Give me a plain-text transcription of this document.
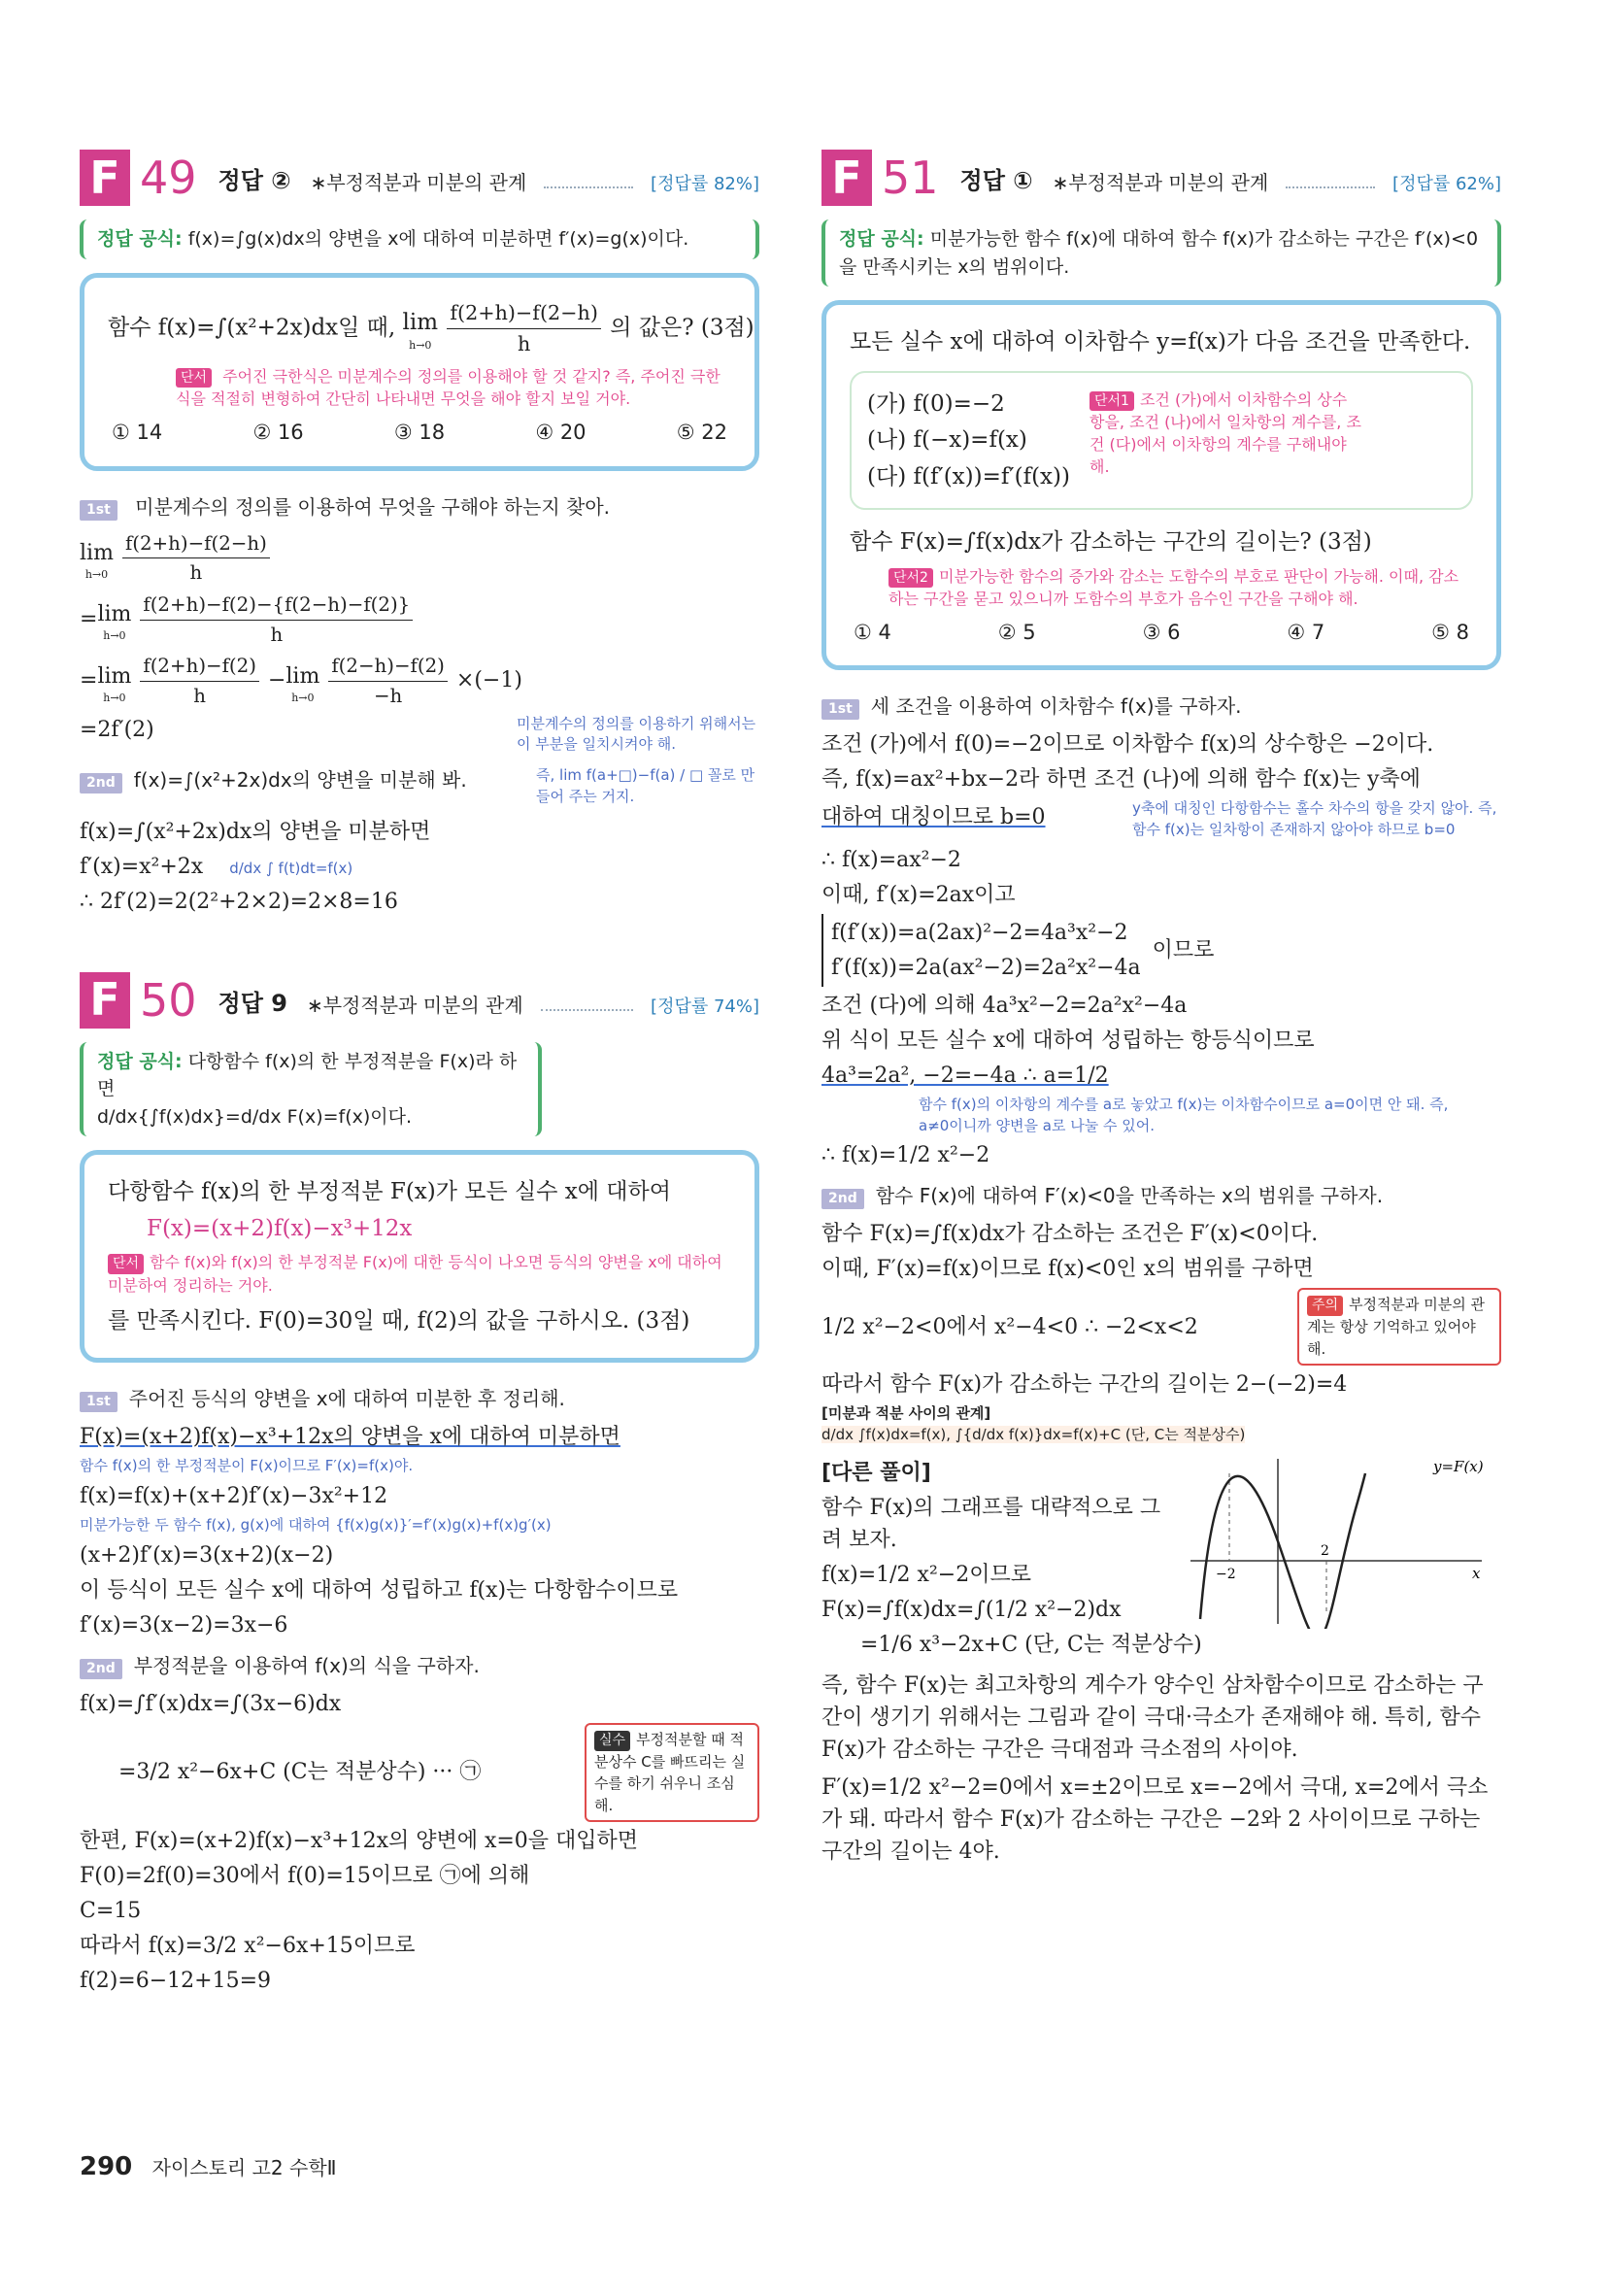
F 49 정답 ② ∗부정적분과 미분의 관계	[정답률 82%]
정답 공식: f(x)=∫g(x)dx의 양변을 x에 대하여 미분하면 f′(x)=g(x)이다.
함수 f(x)=∫(x²+2x)dx일 때, lim
h→0
$\frac{f(2+h)-f(2-h)}{h}$ 의 값은? (3점)
단서 주어진 극한식은 미분계수의 정의를 이용해야 할 것 같지? 즉, 주어진 극한식을 적절히 변형하여 간단히 나타내면 무엇을 해야 할지 보일 거야.
① 14	② 16	③ 18	④ 20	⑤ 22
1st 미분계수의 정의를 이용하여 무엇을 구해야 하는지 찾아.
lim
h→0
$\frac{f(2+h)-f(2-h)}{h}$
=lim
h→0
$\frac{f(2+h)-f(2)-\{f(2-h)-f(2)\}}{h}$
=lim
h→0
$\frac{f(2+h)-f(2)}{h} -\lim$
h→0
$\frac{f(2-h)-f(2)}{-h} \times(-1)$
=2f′(2)	미분계수의 정의를 이용하기 위해서는 이 부분을 일치시켜야 해.
2nd f(x)=∫(x²+2x)dx의 양변을 미분해 봐.	즉, lim f(a+□)−f(a) / □ 꼴로 만들어 주는 거지.
f(x)=∫(x²+2x)dx의 양변을 미분하면
f′(x)=x²+2x d/dx ∫ f(t)dt=f(x)
∴ 2f′(2)=2(2²+2×2)=2×8=16
F 50 정답 9 ∗부정적분과 미분의 관계	[정답률 74%]
정답 공식: 다항함수 f(x)의 한 부정적분을 F(x)라 하면
d/dx{∫f(x)dx}=d/dx F(x)=f(x)이다.
다항함수 f(x)의 한 부정적분 F(x)가 모든 실수 x에 대하여
F(x)=(x+2)f(x)−x³+12x
단서 함수 f(x)와 f(x)의 한 부정적분 F(x)에 대한 등식이 나오면 등식의 양변을 x에 대하여 미분하여 정리하는 거야.
를 만족시킨다. F(0)=30일 때, f(2)의 값을 구하시오. (3점)
1st 주어진 등식의 양변을 x에 대하여 미분한 후 정리해.
F(x)=(x+2)f(x)−x³+12x의 양변을 x에 대하여 미분하면
함수 f(x)의 한 부정적분이 F(x)이므로 F′(x)=f(x)야.
f(x)=f(x)+(x+2)f′(x)−3x²+12
미분가능한 두 함수 f(x), g(x)에 대하여 {f(x)g(x)}′=f′(x)g(x)+f(x)g′(x)
(x+2)f′(x)=3(x+2)(x−2)
이 등식이 모든 실수 x에 대하여 성립하고 f(x)는 다항함수이므로
f′(x)=3(x−2)=3x−6
2nd 부정적분을 이용하여 f(x)의 식을 구하자.
f(x)=∫f′(x)dx=∫(3x−6)dx
=3/2 x²−6x+C (C는 적분상수) ··· ㉠
실수 부정적분할 때 적분상수 C를 빠뜨리는 실수를 하기 쉬우니 조심해.
한편, F(x)=(x+2)f(x)−x³+12x의 양변에 x=0을 대입하면
F(0)=2f(0)=30에서 f(0)=15이므로 ㉠에 의해
C=15
따라서 f(x)=3/2 x²−6x+15이므로
f(2)=6−12+15=9
F 51 정답 ① ∗부정적분과 미분의 관계	[정답률 62%]
정답 공식: 미분가능한 함수 f(x)에 대하여 함수 f(x)가 감소하는 구간은 f′(x)<0을 만족시키는 x의 범위이다.
모든 실수 x에 대하여 이차함수 y=f(x)가 다음 조건을 만족한다.
(가) f(0)=−2
(나) f(−x)=f(x)
(다) f(f′(x))=f′(f(x))
단서1 조건 (가)에서 이차함수의 상수항을, 조건 (나)에서 일차항의 계수를, 조건 (다)에서 이차항의 계수를 구해내야 해.
함수 F(x)=∫f(x)dx가 감소하는 구간의 길이는? (3점)
단서2 미분가능한 함수의 증가와 감소는 도함수의 부호로 판단이 가능해. 이때, 감소하는 구간을 묻고 있으니까 도함수의 부호가 음수인 구간을 구해야 해.
① 4	② 5	③ 6	④ 7	⑤ 8
1st 세 조건을 이용하여 이차함수 f(x)를 구하자.
조건 (가)에서 f(0)=−2이므로 이차함수 f(x)의 상수항은 −2이다.
즉, f(x)=ax²+bx−2라 하면 조건 (나)에 의해 함수 f(x)는 y축에
대하여 대칭이므로 b=0	y축에 대칭인 다항함수는 홀수 차수의 항을 갖지 않아. 즉, 함수 f(x)는 일차항이 존재하지 않아야 하므로 b=0
∴ f(x)=ax²−2
이때, f′(x)=2ax이고
f(f′(x))=a(2ax)²−2=4a³x²−2
f′(f(x))=2a(ax²−2)=2a²x²−4a
이므로
조건 (다)에 의해 4a³x²−2=2a²x²−4a
위 식이 모든 실수 x에 대하여 성립하는 항등식이므로
4a³=2a², −2=−4a ∴ a=1/2
함수 f(x)의 이차항의 계수를 a로 놓았고 f(x)는 이차함수이므로 a=0이면 안 돼. 즉, a≠0이니까 양변을 a로 나눌 수 있어.
∴ f(x)=1/2 x²−2
2nd 함수 F(x)에 대하여 F′(x)<0을 만족하는 x의 범위를 구하자.
함수 F(x)=∫f(x)dx가 감소하는 조건은 F′(x)<0이다.
이때, F′(x)=f(x)이므로 f(x)<0인 x의 범위를 구하면
1/2 x²−2<0에서 x²−4<0 ∴ −2<x<2
주의 부정적분과 미분의 관계는 항상 기억하고 있어야 해.
따라서 함수 F(x)가 감소하는 구간의 길이는 2−(−2)=4
[미분과 적분 사이의 관계]
d/dx ∫f(x)dx=f(x), ∫{d/dx f(x)}dx=f(x)+C (단, C는 적분상수)
[다른 풀이]
함수 F(x)의 그래프를 대략적으로 그려 보자.
f(x)=1/2 x²−2이므로
F(x)=∫f(x)dx=∫(1/2 x²−2)dx
=1/6 x³−2x+C (단, C는 적분상수)
y=F(x)
x
−2
2
즉, 함수 F(x)는 최고차항의 계수가 양수인 삼차함수이므로 감소하는 구간이 생기기 위해서는 그림과 같이 극대·극소가 존재해야 해. 특히, 함수 F(x)가 감소하는 구간은 극대점과 극소점의 사이야.
F′(x)=1/2 x²−2=0에서 x=±2이므로 x=−2에서 극대, x=2에서 극소가 돼. 따라서 함수 F(x)가 감소하는 구간은 −2와 2 사이이므로 구하는 구간의 길이는 4야.
290 자이스토리 고2 수학Ⅱ
